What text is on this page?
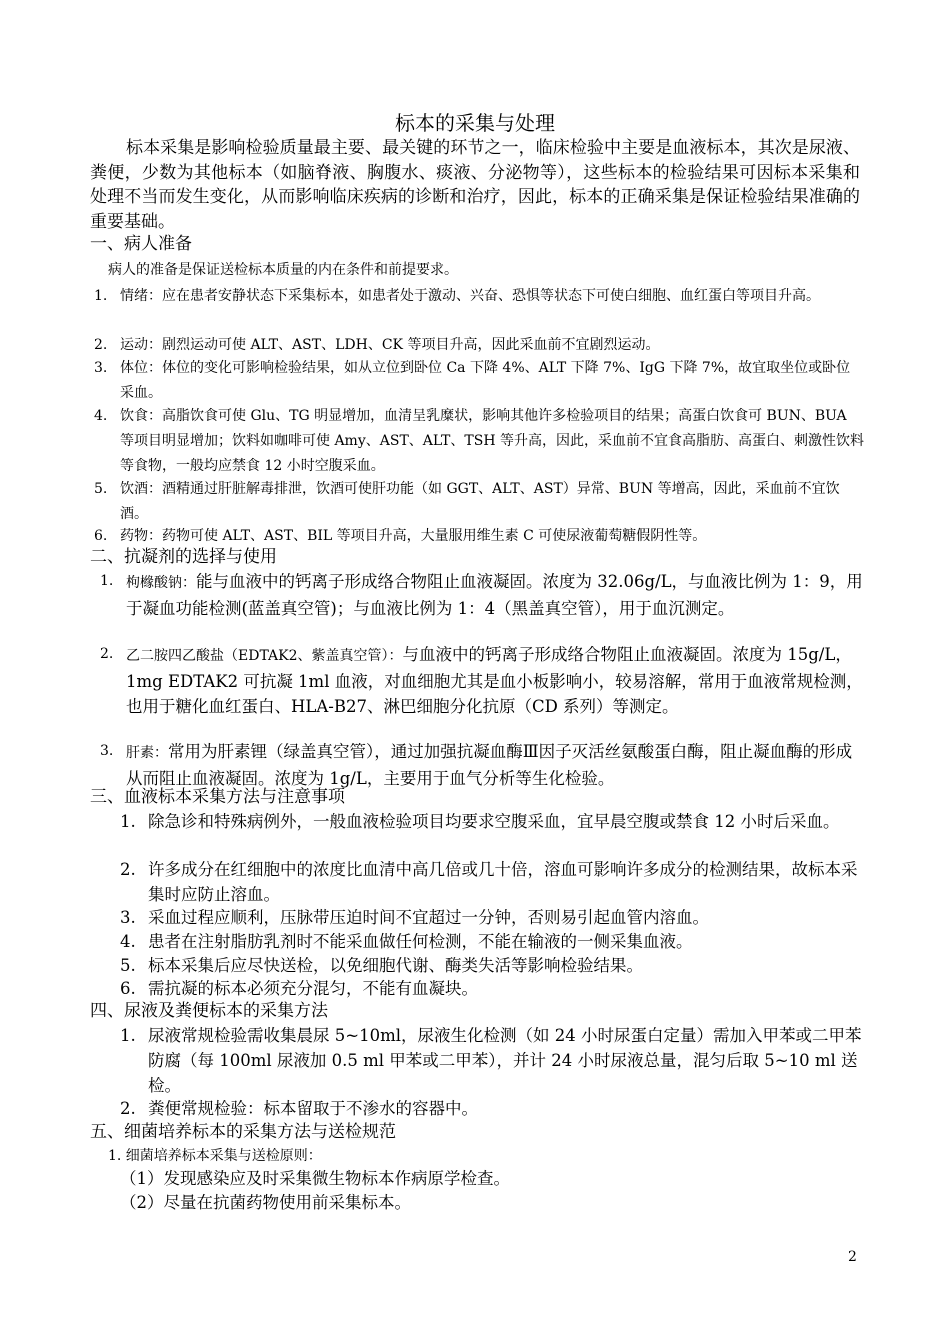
标本的采集与处理
标本采集是影响检验质量最主要、最关键的环节之一，临床检验中主要是血液标本，其次是尿液、粪便，少数为其他标本（如脑脊液、胸腹水、痰液、分泌物等），这些标本的检验结果可因标本采集和处理不当而发生变化，从而影响临床疾病的诊断和治疗，因此，标本的正确采集是保证检验结果准确的重要基础。
一、病人准备
病人的准备是保证送检标本质量的内在条件和前提要求。
1. 情绪：应在患者安静状态下采集标本，如患者处于激动、兴奋、恐惧等状态下可使白细胞、血红蛋白等项目升高。
2. 运动：剧烈运动可使 ALT、AST、LDH、CK 等项目升高，因此采血前不宜剧烈运动。
3. 体位：体位的变化可影响检验结果，如从立位到卧位 Ca 下降 4%、ALT 下降 7%、IgG 下降 7%，故宜取坐位或卧位采血。
4. 饮食：高脂饮食可使 Glu、TG 明显增加，血清呈乳糜状，影响其他许多检验项目的结果；高蛋白饮食可 BUN、BUA 等项目明显增加；饮料如咖啡可使 Amy、AST、ALT、TSH 等升高，因此，采血前不宜食高脂肪、高蛋白、刺激性饮料等食物，一般均应禁食 12 小时空腹采血。
5. 饮酒：酒精通过肝脏解毒排泄，饮酒可使肝功能（如 GGT、ALT、AST）异常、BUN 等增高，因此，采血前不宜饮酒。
6. 药物：药物可使 ALT、AST、BIL 等项目升高，大量服用维生素 C 可使尿液葡萄糖假阴性等。
二、抗凝剂的选择与使用
1. 枸橼酸钠：能与血液中的钙离子形成络合物阻止血液凝固。浓度为 32.06g/L，与血液比例为 1：9，用于凝血功能检测(蓝盖真空管)；与血液比例为 1：4（黑盖真空管），用于血沉测定。
2. 乙二胺四乙酸盐（EDTAK2、紫盖真空管）：与血液中的钙离子形成络合物阻止血液凝固。浓度为 15g/L，1mg EDTAK2 可抗凝 1ml 血液，对血细胞尤其是血小板影响小，较易溶解，常用于血液常规检测，也用于糖化血红蛋白、HLA-B27、淋巴细胞分化抗原（CD 系列）等测定。
3. 肝素：常用为肝素锂（绿盖真空管），通过加强抗凝血酶Ⅲ因子灭活丝氨酸蛋白酶，阻止凝血酶的形成从而阻止血液凝固。浓度为 1g/L，主要用于血气分析等生化检验。
三、血液标本采集方法与注意事项
1. 除急诊和特殊病例外，一般血液检验项目均要求空腹采血，宜早晨空腹或禁食 12 小时后采血。
2. 许多成分在红细胞中的浓度比血清中高几倍或几十倍，溶血可影响许多成分的检测结果，故标本采集时应防止溶血。
3. 采血过程应顺利，压脉带压迫时间不宜超过一分钟，否则易引起血管内溶血。
4. 患者在注射脂肪乳剂时不能采血做任何检测，不能在输液的一侧采集血液。
5. 标本采集后应尽快送检，以免细胞代谢、酶类失活等影响检验结果。
6. 需抗凝的标本必须充分混匀，不能有血凝块。
四、尿液及粪便标本的采集方法
1. 尿液常规检验需收集晨尿 5~10ml，尿液生化检测（如 24 小时尿蛋白定量）需加入甲苯或二甲苯防腐（每 100ml 尿液加 0.5 ml 甲苯或二甲苯），并计 24 小时尿液总量，混匀后取 5~10 ml 送检。
2. 粪便常规检验：标本留取于不渗水的容器中。
五、细菌培养标本的采集方法与送检规范
1. 细菌培养标本采集与送检原则：
（1）发现感染应及时采集微生物标本作病原学检查。
（2）尽量在抗菌药物使用前采集标本。
2
